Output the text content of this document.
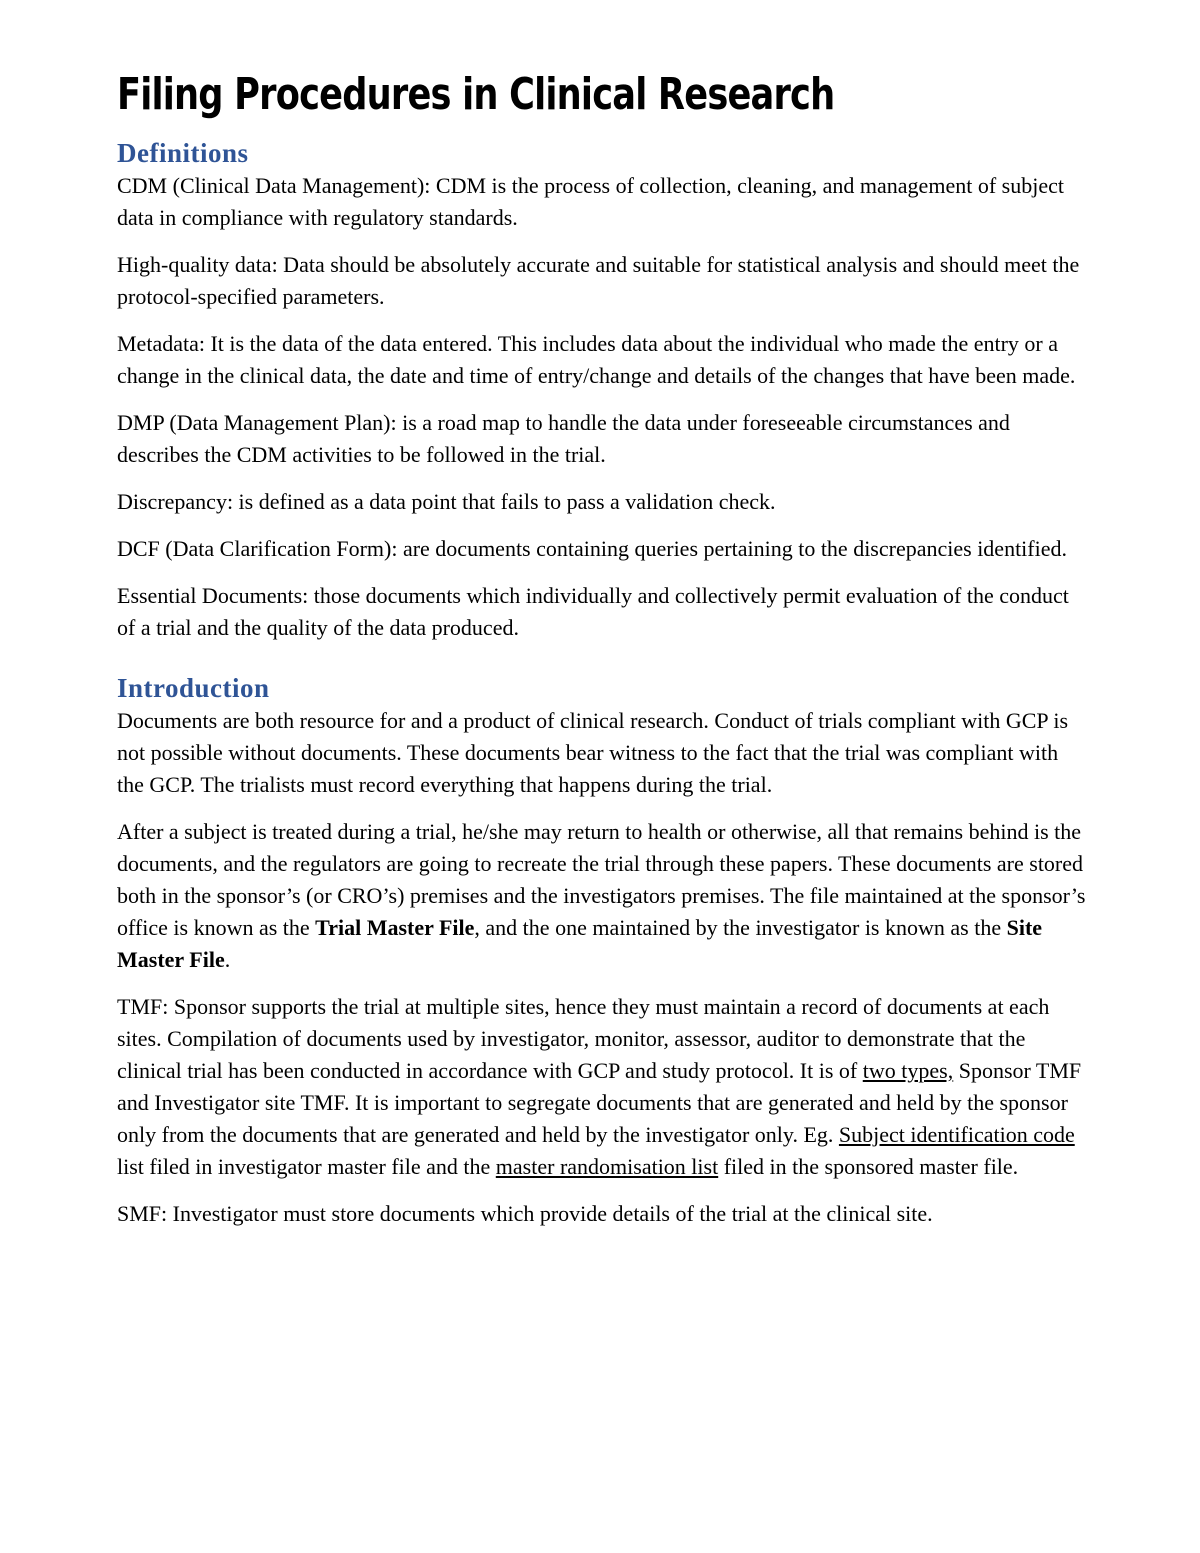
Filing Procedures in Clinical Research
Definitions

CDM (Clinical Data Management): CDM is the process of collection, cleaning, and management of subject data in compliance with regulatory standards.

High-quality data: Data should be absolutely accurate and suitable for statistical analysis and should meet the protocol-specified parameters.

Metadata: It is the data of the data entered. This includes data about the individual who made the entry or a change in the clinical data, the date and time of entry/change and details of the changes that have been made.

DMP (Data Management Plan): is a road map to handle the data under foreseeable circumstances and describes the CDM activities to be followed in the trial.

Discrepancy: is defined as a data point that fails to pass a validation check.

DCF (Data Clarification Form): are documents containing queries pertaining to the discrepancies identified.

Essential Documents: those documents which individually and collectively permit evaluation of the conduct of a trial and the quality of the data produced.

Introduction

Documents are both resource for and a product of clinical research. Conduct of trials compliant with GCP is not possible without documents. These documents bear witness to the fact that the trial was compliant with the GCP. The trialists must record everything that happens during the trial.

After a subject is treated during a trial, he/she may return to health or otherwise, all that remains behind is the documents, and the regulators are going to recreate the trial through these papers. These documents are stored both in the sponsor’s (or CRO’s) premises and the investigators premises. The file maintained at the sponsor’s office is known as the Trial Master File, and the one maintained by the investigator is known as the Site Master File.

TMF: Sponsor supports the trial at multiple sites, hence they must maintain a record of documents at each sites. Compilation of documents used by investigator, monitor, assessor, auditor to demonstrate that the clinical trial has been conducted in accordance with GCP and study protocol. It is of two types, Sponsor TMF and Investigator site TMF. It is important to segregate documents that are generated and held by the sponsor only from the documents that are generated and held by the investigator only. Eg. Subject identification code list filed in investigator master file and the master randomisation list filed in the sponsored master file.

SMF: Investigator must store documents which provide details of the trial at the clinical site.
